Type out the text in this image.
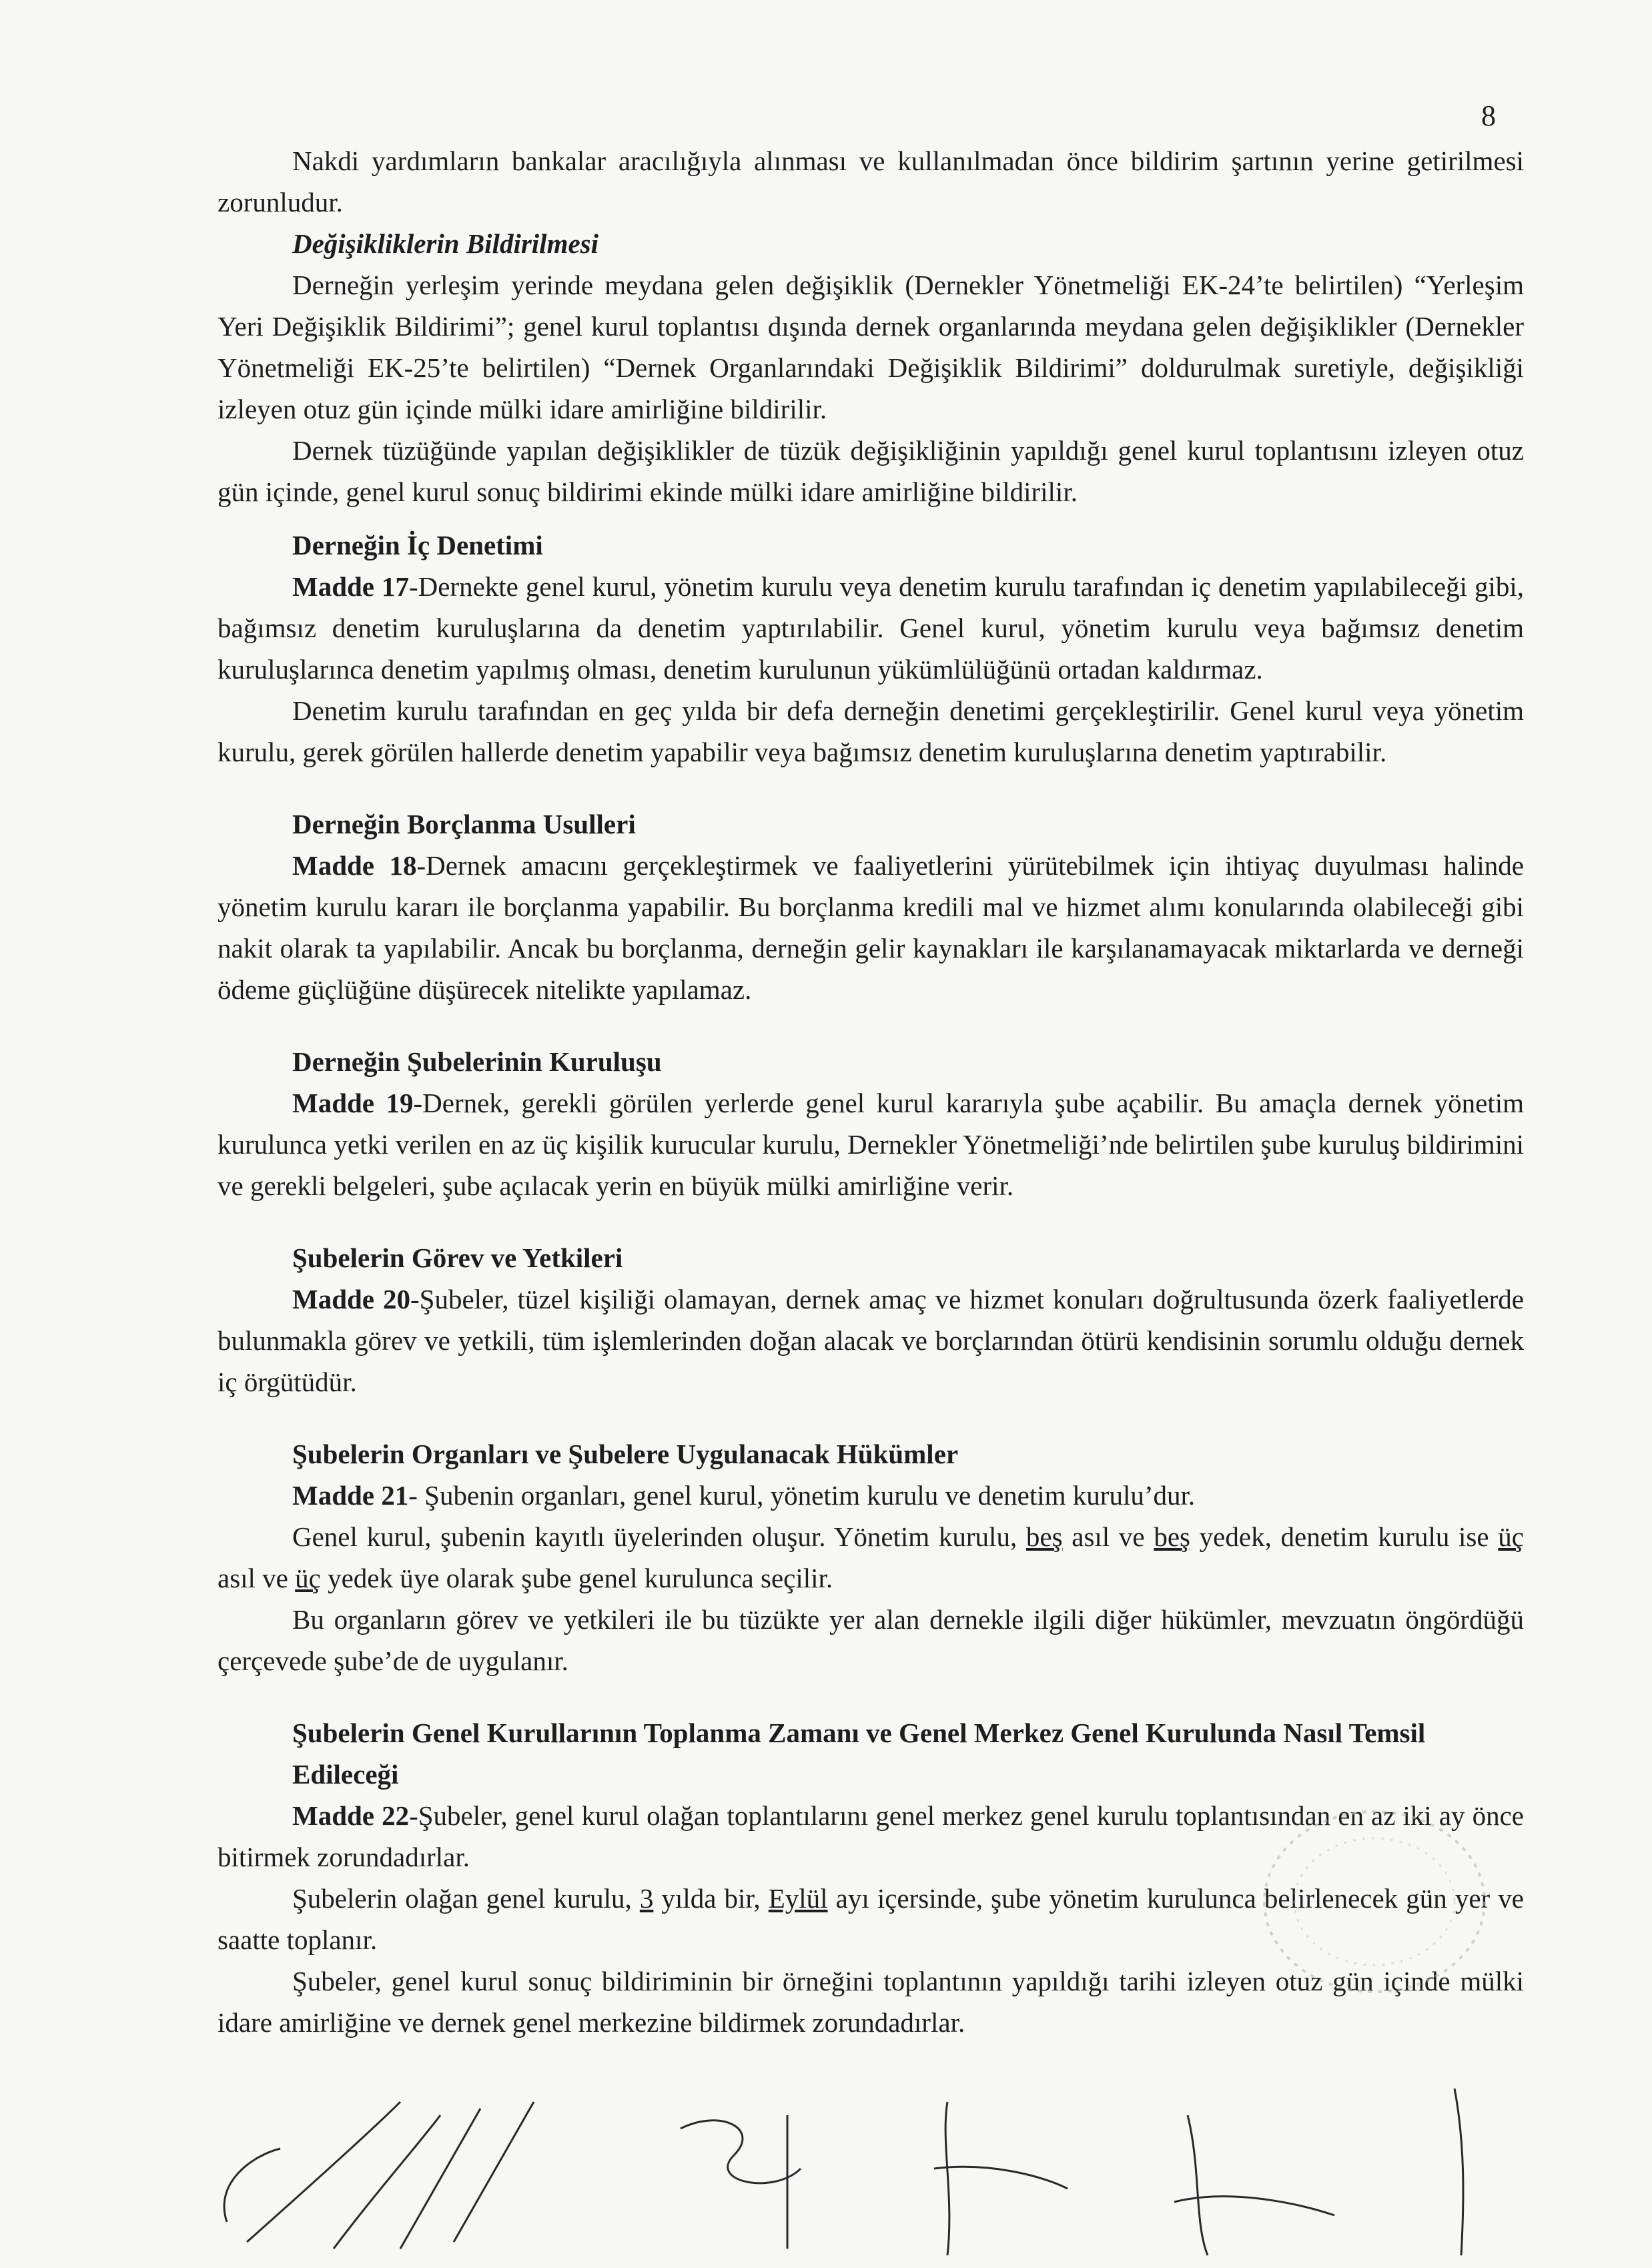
8

Nakdi yardımların bankalar aracılığıyla alınması ve kullanılmadan önce bildirim şartının yerine getirilmesi zorunludur.

Değişikliklerin Bildirilmesi

Derneğin yerleşim yerinde meydana gelen değişiklik (Dernekler Yönetmeliği EK-24’te belirtilen) “Yerleşim Yeri Değişiklik Bildirimi”; genel kurul toplantısı dışında dernek organlarında meydana gelen değişiklikler (Dernekler Yönetmeliği EK-25’te belirtilen) “Dernek Organlarındaki Değişiklik Bildirimi” doldurulmak suretiyle, değişikliği izleyen otuz gün içinde mülki idare amirliğine bildirilir.

Dernek tüzüğünde yapılan değişiklikler de tüzük değişikliğinin yapıldığı genel kurul toplantısını izleyen otuz gün içinde, genel kurul sonuç bildirimi ekinde mülki idare amirliğine bildirilir.

Derneğin İç Denetimi

Madde 17-Dernekte genel kurul, yönetim kurulu veya denetim kurulu tarafından iç denetim yapılabileceği gibi, bağımsız denetim kuruluşlarına da denetim yaptırılabilir. Genel kurul, yönetim kurulu veya bağımsız denetim kuruluşlarınca denetim yapılmış olması, denetim kurulunun yükümlülüğünü ortadan kaldırmaz.

Denetim kurulu tarafından en geç yılda bir defa derneğin denetimi gerçekleştirilir. Genel kurul veya yönetim kurulu, gerek görülen hallerde denetim yapabilir veya bağımsız denetim kuruluşlarına denetim yaptırabilir.

Derneğin Borçlanma Usulleri

Madde 18-Dernek amacını gerçekleştirmek ve faaliyetlerini yürütebilmek için ihtiyaç duyulması halinde yönetim kurulu kararı ile borçlanma yapabilir. Bu borçlanma kredili mal ve hizmet alımı konularında olabileceği gibi nakit olarak ta yapılabilir. Ancak bu borçlanma, derneğin gelir kaynakları ile karşılanamayacak miktarlarda ve derneği ödeme güçlüğüne düşürecek nitelikte yapılamaz.

Derneğin Şubelerinin Kuruluşu

Madde 19-Dernek, gerekli görülen yerlerde genel kurul kararıyla şube açabilir. Bu amaçla dernek yönetim kurulunca yetki verilen en az üç kişilik kurucular kurulu, Dernekler Yönetmeliği’nde belirtilen şube kuruluş bildirimini ve gerekli belgeleri, şube açılacak yerin en büyük mülki amirliğine verir.

Şubelerin Görev ve Yetkileri

Madde 20-Şubeler, tüzel kişiliği olamayan, dernek amaç ve hizmet konuları doğrultusunda özerk faaliyetlerde bulunmakla görev ve yetkili, tüm işlemlerinden doğan alacak ve borçlarından ötürü kendisinin sorumlu olduğu dernek iç örgütüdür.

Şubelerin Organları ve Şubelere Uygulanacak Hükümler

Madde 21- Şubenin organları, genel kurul, yönetim kurulu ve denetim kurulu’dur.

Genel kurul, şubenin kayıtlı üyelerinden oluşur. Yönetim kurulu, beş asıl ve beş yedek, denetim kurulu ise üç asıl ve üç yedek üye olarak şube genel kurulunca seçilir.

Bu organların görev ve yetkileri ile bu tüzükte yer alan dernekle ilgili diğer hükümler, mevzuatın öngördüğü çerçevede şube’de de uygulanır.

Şubelerin Genel Kurullarının Toplanma Zamanı ve Genel Merkez Genel Kurulunda Nasıl Temsil Edileceği

Madde 22-Şubeler, genel kurul olağan toplantılarını genel merkez genel kurulu toplantısından en az iki ay önce bitirmek zorundadırlar.

Şubelerin olağan genel kurulu, 3 yılda bir, Eylül ayı içersinde, şube yönetim kurulunca belirlenecek gün yer ve saatte toplanır.

Şubeler, genel kurul sonuç bildiriminin bir örneğini toplantının yapıldığı tarihi izleyen otuz gün içinde mülki idare amirliğine ve dernek genel merkezine bildirmek zorundadırlar.
